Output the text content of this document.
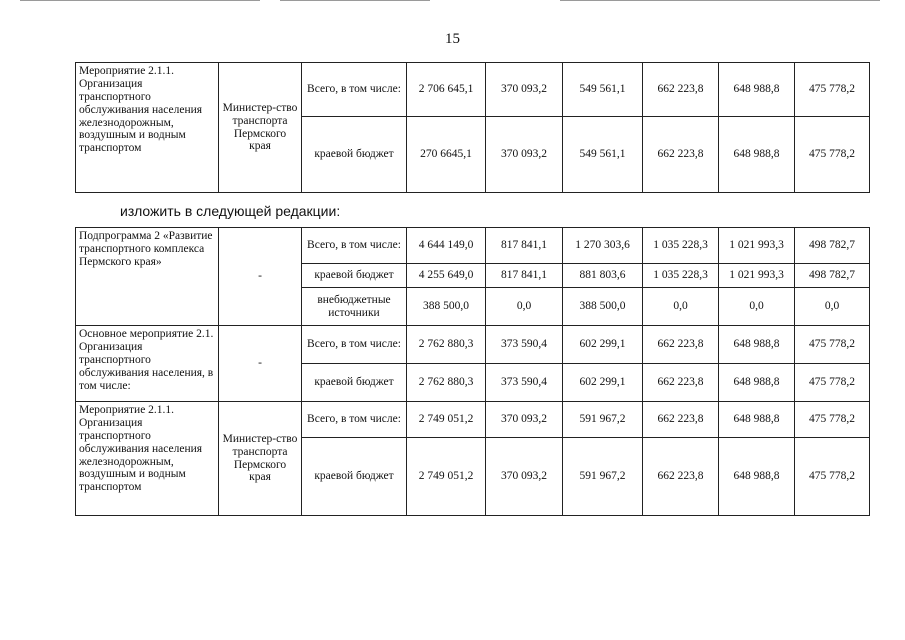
15
Мероприятие 2.1.1. Организация транспортного обслуживания населения железнодорожным, воздушным и водным транспортом	Министер-ство транспорта Пермского края	Всего, в том числе:	2 706 645,1	370 093,2	549 561,1	662 223,8	648 988,8	475 778,2
		краевой бюджет	270 6645,1	370 093,2	549 561,1	662 223,8	648 988,8	475 778,2
изложить в следующей редакции:
Подпрограмма 2 «Развитие транспортного комплекса Пермского края»	-	Всего, в том числе:	4 644 149,0	817 841,1	1 270 303,6	1 035 228,3	1 021 993,3	498 782,7
		краевой бюджет	4 255 649,0	817 841,1	881 803,6	1 035 228,3	1 021 993,3	498 782,7
		внебюджетные источники	388 500,0	0,0	388 500,0	0,0	0,0	0,0
Основное мероприятие 2.1. Организация транспортного обслуживания населения, в том числе:	-	Всего, в том числе:	2 762 880,3	373 590,4	602 299,1	662 223,8	648 988,8	475 778,2
		краевой бюджет	2 762 880,3	373 590,4	602 299,1	662 223,8	648 988,8	475 778,2
Мероприятие 2.1.1. Организация транспортного обслуживания населения железнодорожным, воздушным и водным транспортом	Министер-ство транспорта Пермского края	Всего, в том числе:	2 749 051,2	370 093,2	591 967,2	662 223,8	648 988,8	475 778,2
		краевой бюджет	2 749 051,2	370 093,2	591 967,2	662 223,8	648 988,8	475 778,2
